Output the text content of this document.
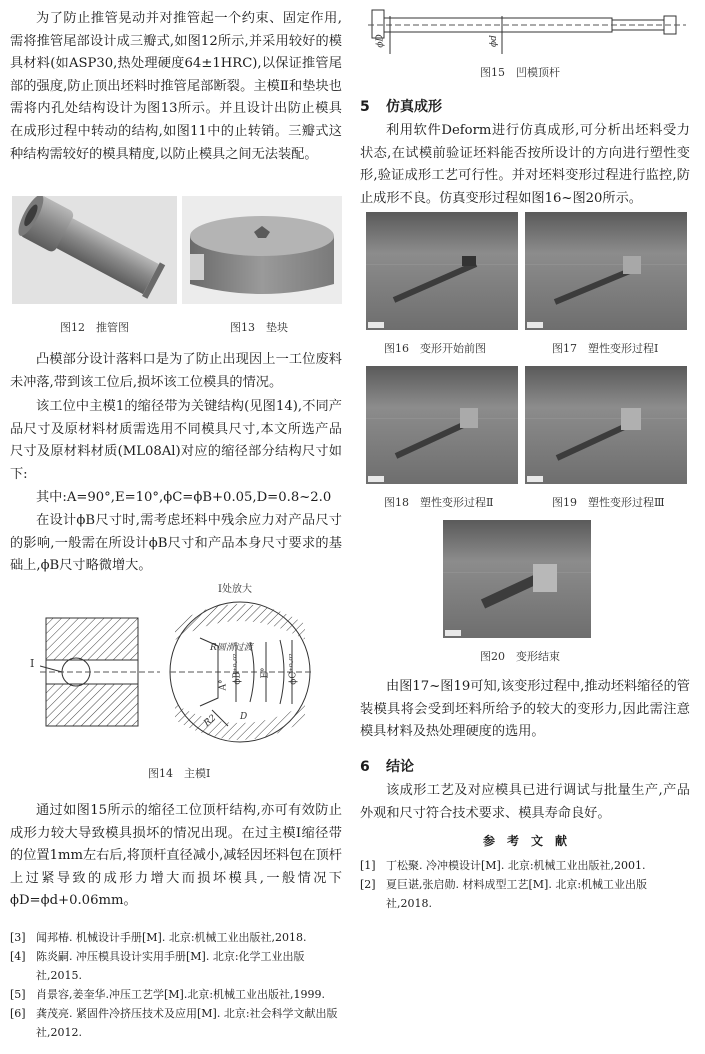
为了防止推管晃动并对推管起一个约束、固定作用,需将推管尾部设计成三瓣式,如图12所示,并采用较好的模具材料(如ASP30,热处理硬度64±1HRC),以保证推管尾部的强度,防止顶出坯料时推管尾部断裂。主模Ⅱ和垫块也需将内孔处结构设计为图13所示。并且设计出防止模具在成形过程中转动的结构,如图11中的止转销。三瓣式这种结构需较好的模具精度,以防止模具之间无法装配。

图12　推管图	图13　垫块

凸模部分设计落料口是为了防止出现因上一工位废料未冲落,带到该工位后,损坏该工位模具的情况。

该工位中主模1的缩径带为关键结构(见图14),不同产品尺寸及原材料材质需选用不同模具尺寸,本文所选产品尺寸及原材料材质(ML08Al)对应的缩径部分结构尺寸如下:

其中:A=90°,E=10°,ϕC=ϕB+0.05,D=0.8~2.0

在设计ϕB尺寸时,需考虑坯料中残余应力对产品尺寸的影响,一般需在所设计ϕB尺寸和产品本身尺寸要求的基础上,ϕB尺寸略微增大。

I处放大
I
R圆滑过渡
A°
ϕB⁺⁰·⁰² E° ϕC⁺⁰·⁰²
R2 D
图14　主模Ⅰ

通过如图15所示的缩径工位顶杆结构,亦可有效防止成形力较大导致模具损坏的情况出现。在过主模Ⅰ缩径带的位置1mm左右后,将顶杆直径减小,减轻因坯料包在顶杆上过紧导致的成形力增大而损坏模具,一般情况下ϕD=ϕd+0.06mm。

[3] 闻邦椿. 机械设计手册[M]. 北京:机械工业出版社,2018.
[4] 陈炎嗣. 冲压模具设计实用手册[M]. 北京:化学工业出版社,2015.
[5] 肖景容,姜奎华.冲压工艺学[M].北京:机械工业出版社,1999.
[6] 龚茂亮. 紧固件冷挤压技术及应用[M]. 北京:社会科学文献出版社,2012.
ϕD	ϕd
图15　凹模顶杆
5 仿真成形

利用软件Deform进行仿真成形,可分析出坯料受力状态,在试模前验证坯料能否按所设计的方向进行塑性变形,验证成形工艺可行性。并对坯料变形过程进行监控,防止成形不良。仿真变形过程如图16~图20所示。

图16　变形开始前图	图17　塑性变形过程Ⅰ
图18　塑性变形过程Ⅱ	图19　塑性变形过程Ⅲ
图20　变形结束

由图17~图19可知,该变形过程中,推动坯料缩径的管装模具将会受到坯料所给予的较大的变形力,因此需注意模具材料及热处理硬度的选用。

6 结论

该成形工艺及对应模具已进行调试与批量生产,产品外观和尺寸符合技术要求、模具寿命良好。

参　考　文　献
[1] 丁松聚. 冷冲模设计[M]. 北京:机械工业出版社,2001.
[2] 夏巨谌,张启勋. 材料成型工艺[M]. 北京:机械工业出版社,2018.
